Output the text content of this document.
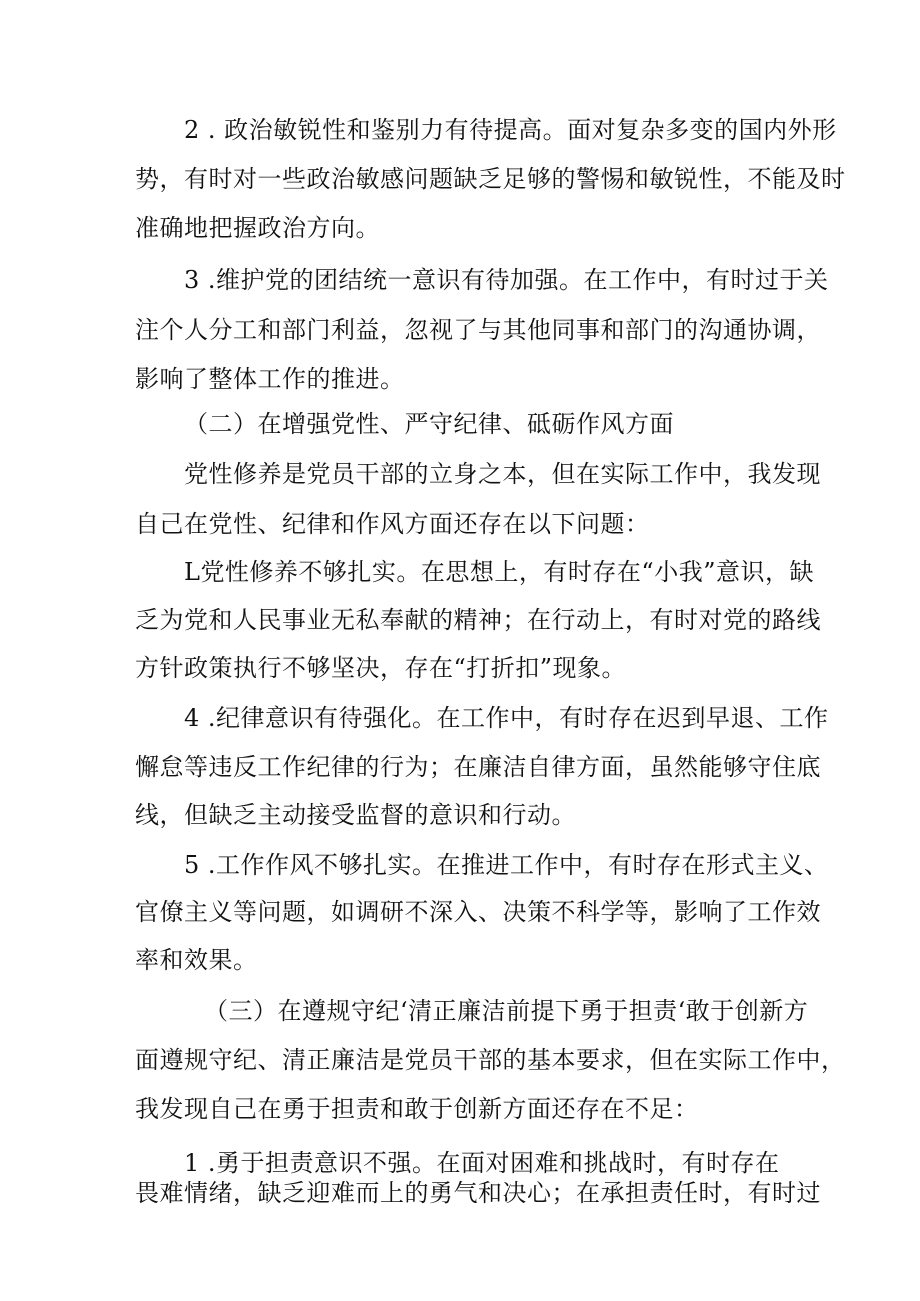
2 . 政治敏锐性和鉴别力有待提高。面对复杂多变的国内外形
势，有时对一些政治敏感问题缺乏足够的警惕和敏锐性，不能及时
准确地把握政治方向。
3 .维护党的团结统一意识有待加强。在工作中，有时过于关
注个人分工和部门利益，忽视了与其他同事和部门的沟通协调，
影响了整体工作的推进。
（二）在增强党性、严守纪律、砥砺作风方面
党性修养是党员干部的立身之本，但在实际工作中，我发现
自己在党性、纪律和作风方面还存在以下问题：
L党性修养不够扎实。在思想上，有时存在“小我”意识，缺
乏为党和人民事业无私奉献的精神；在行动上，有时对党的路线
方针政策执行不够坚决，存在“打折扣”现象。
4 .纪律意识有待强化。在工作中，有时存在迟到早退、工作
懈怠等违反工作纪律的行为；在廉洁自律方面，虽然能够守住底
线，但缺乏主动接受监督的意识和行动。
5 .工作作风不够扎实。在推进工作中，有时存在形式主义、
官僚主义等问题，如调研不深入、决策不科学等，影响了工作效
率和效果。
（三）在遵规守纪‘清正廉洁前提下勇于担责‘敢于创新方
面遵规守纪、清正廉洁是党员干部的基本要求，但在实际工作中，
我发现自己在勇于担责和敢于创新方面还存在不足：
1 .勇于担责意识不强。在面对困难和挑战时，有时存在
畏难情绪，缺乏迎难而上的勇气和决心；在承担责任时，有时过
